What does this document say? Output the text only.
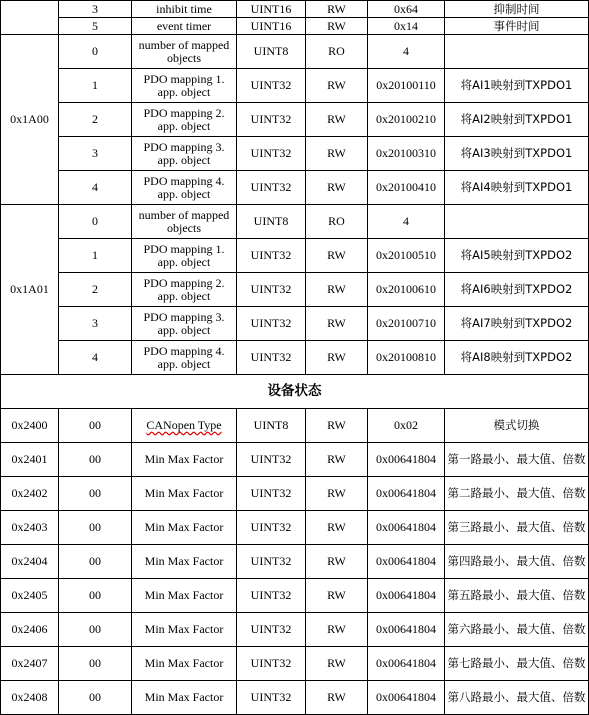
	3	inhibit time	UINT16	RW	0x64	抑制时间
	5	event timer	UINT16	RW	0x14	事件时间
0x1A00	0	number of mapped objects	UINT8	RO	4	
	1	PDO mapping 1. app. object	UINT32	RW	0x20100110	将AI1映射到TXPDO1
	2	PDO mapping 2. app. object	UINT32	RW	0x20100210	将AI2映射到TXPDO1
	3	PDO mapping 3. app. object	UINT32	RW	0x20100310	将AI3映射到TXPDO1
	4	PDO mapping 4. app. object	UINT32	RW	0x20100410	将AI4映射到TXPDO1
0x1A01	0	number of mapped objects	UINT8	RO	4	
	1	PDO mapping 1. app. object	UINT32	RW	0x20100510	将AI5映射到TXPDO2
	2	PDO mapping 2. app. object	UINT32	RW	0x20100610	将AI6映射到TXPDO2
	3	PDO mapping 3. app. object	UINT32	RW	0x20100710	将AI7映射到TXPDO2
	4	PDO mapping 4. app. object	UINT32	RW	0x20100810	将AI8映射到TXPDO2
设备状态						
0x2400	00	CANopen Type	UINT8	RW	0x02	模式切换
0x2401	00	Min Max Factor	UINT32	RW	0x00641804	第一路最小、最大值、倍数
0x2402	00	Min Max Factor	UINT32	RW	0x00641804	第二路最小、最大值、倍数
0x2403	00	Min Max Factor	UINT32	RW	0x00641804	第三路最小、最大值、倍数
0x2404	00	Min Max Factor	UINT32	RW	0x00641804	第四路最小、最大值、倍数
0x2405	00	Min Max Factor	UINT32	RW	0x00641804	第五路最小、最大值、倍数
0x2406	00	Min Max Factor	UINT32	RW	0x00641804	第六路最小、最大值、倍数
0x2407	00	Min Max Factor	UINT32	RW	0x00641804	第七路最小、最大值、倍数
0x2408	00	Min Max Factor	UINT32	RW	0x00641804	第八路最小、最大值、倍数
